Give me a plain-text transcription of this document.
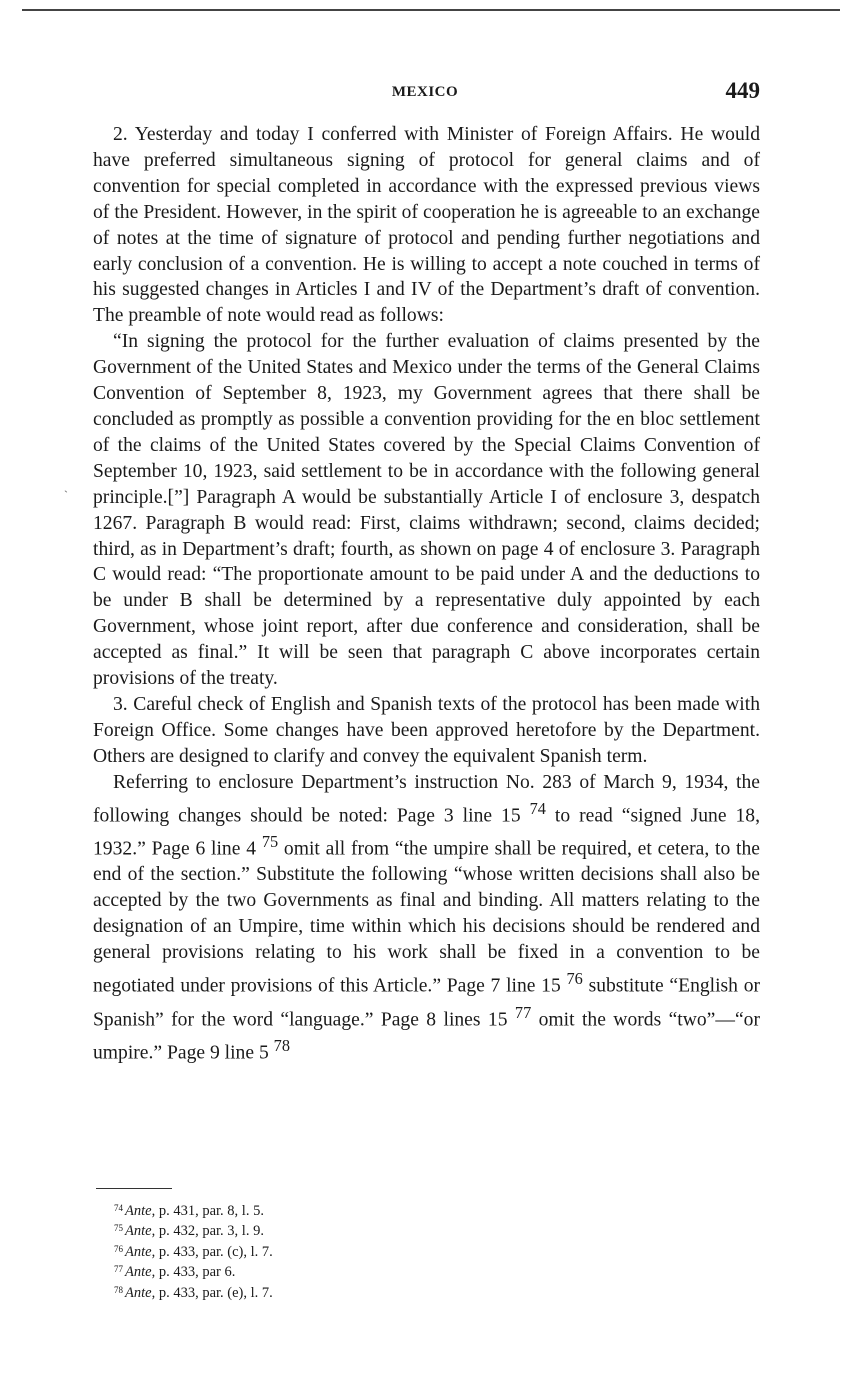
MEXICO	449
`

2. Yesterday and today I conferred with Minister of Foreign Affairs. He would have preferred simultaneous signing of protocol for general claims and of convention for special completed in accordance with the expressed previous views of the President. However, in the spirit of cooperation he is agreeable to an exchange of notes at the time of signature of protocol and pending further negotiations and early conclusion of a convention. He is willing to accept a note couched in terms of his suggested changes in Articles I and IV of the Department’s draft of convention. The preamble of note would read as follows:

“In signing the protocol for the further evaluation of claims presented by the Government of the United States and Mexico under the terms of the General Claims Convention of September 8, 1923, my Government agrees that there shall be concluded as promptly as possible a convention providing for the en bloc settlement of the claims of the United States covered by the Special Claims Convention of September 10, 1923, said settlement to be in accordance with the following general principle.[”] Paragraph A would be substantially Article I of enclosure 3, despatch 1267. Paragraph B would read: First, claims withdrawn; second, claims decided; third, as in Department’s draft; fourth, as shown on page 4 of enclosure 3. Paragraph C would read: “The proportionate amount to be paid under A and the deductions to be under B shall be determined by a representative duly appointed by each Government, whose joint report, after due conference and consideration, shall be accepted as final.” It will be seen that paragraph C above incorporates certain provisions of the treaty.

3. Careful check of English and Spanish texts of the protocol has been made with Foreign Office. Some changes have been approved heretofore by the Department. Others are designed to clarify and convey the equivalent Spanish term.

Referring to enclosure Department’s instruction No. 283 of March 9, 1934, the following changes should be noted: Page 3 line 15 $^{74}$ to read “signed June 18, 1932.” Page 6 line 4 $^{75}$ omit all from “the umpire shall be required, et cetera, to the end of the section.” Substitute the following “whose written decisions shall also be accepted by the two Governments as final and binding. All matters relating to the designation of an Umpire, time within which his decisions should be rendered and general provisions relating to his work shall be fixed in a convention to be negotiated under provisions of this Article.” Page 7 line 15 $^{76}$ substitute “English or Spanish” for the word “language.” Page 8 lines 15 $^{77}$ omit the words “two”—“or umpire.” Page 9 line 5 $^{78}$

$^{74}$ Ante, p. 431, par. 8, l. 5.
$^{75}$ Ante, p. 432, par. 3, l. 9.
$^{76}$ Ante, p. 433, par. (c), l. 7.
$^{77}$ Ante, p. 433, par 6.
$^{78}$ Ante, p. 433, par. (e), l. 7.
